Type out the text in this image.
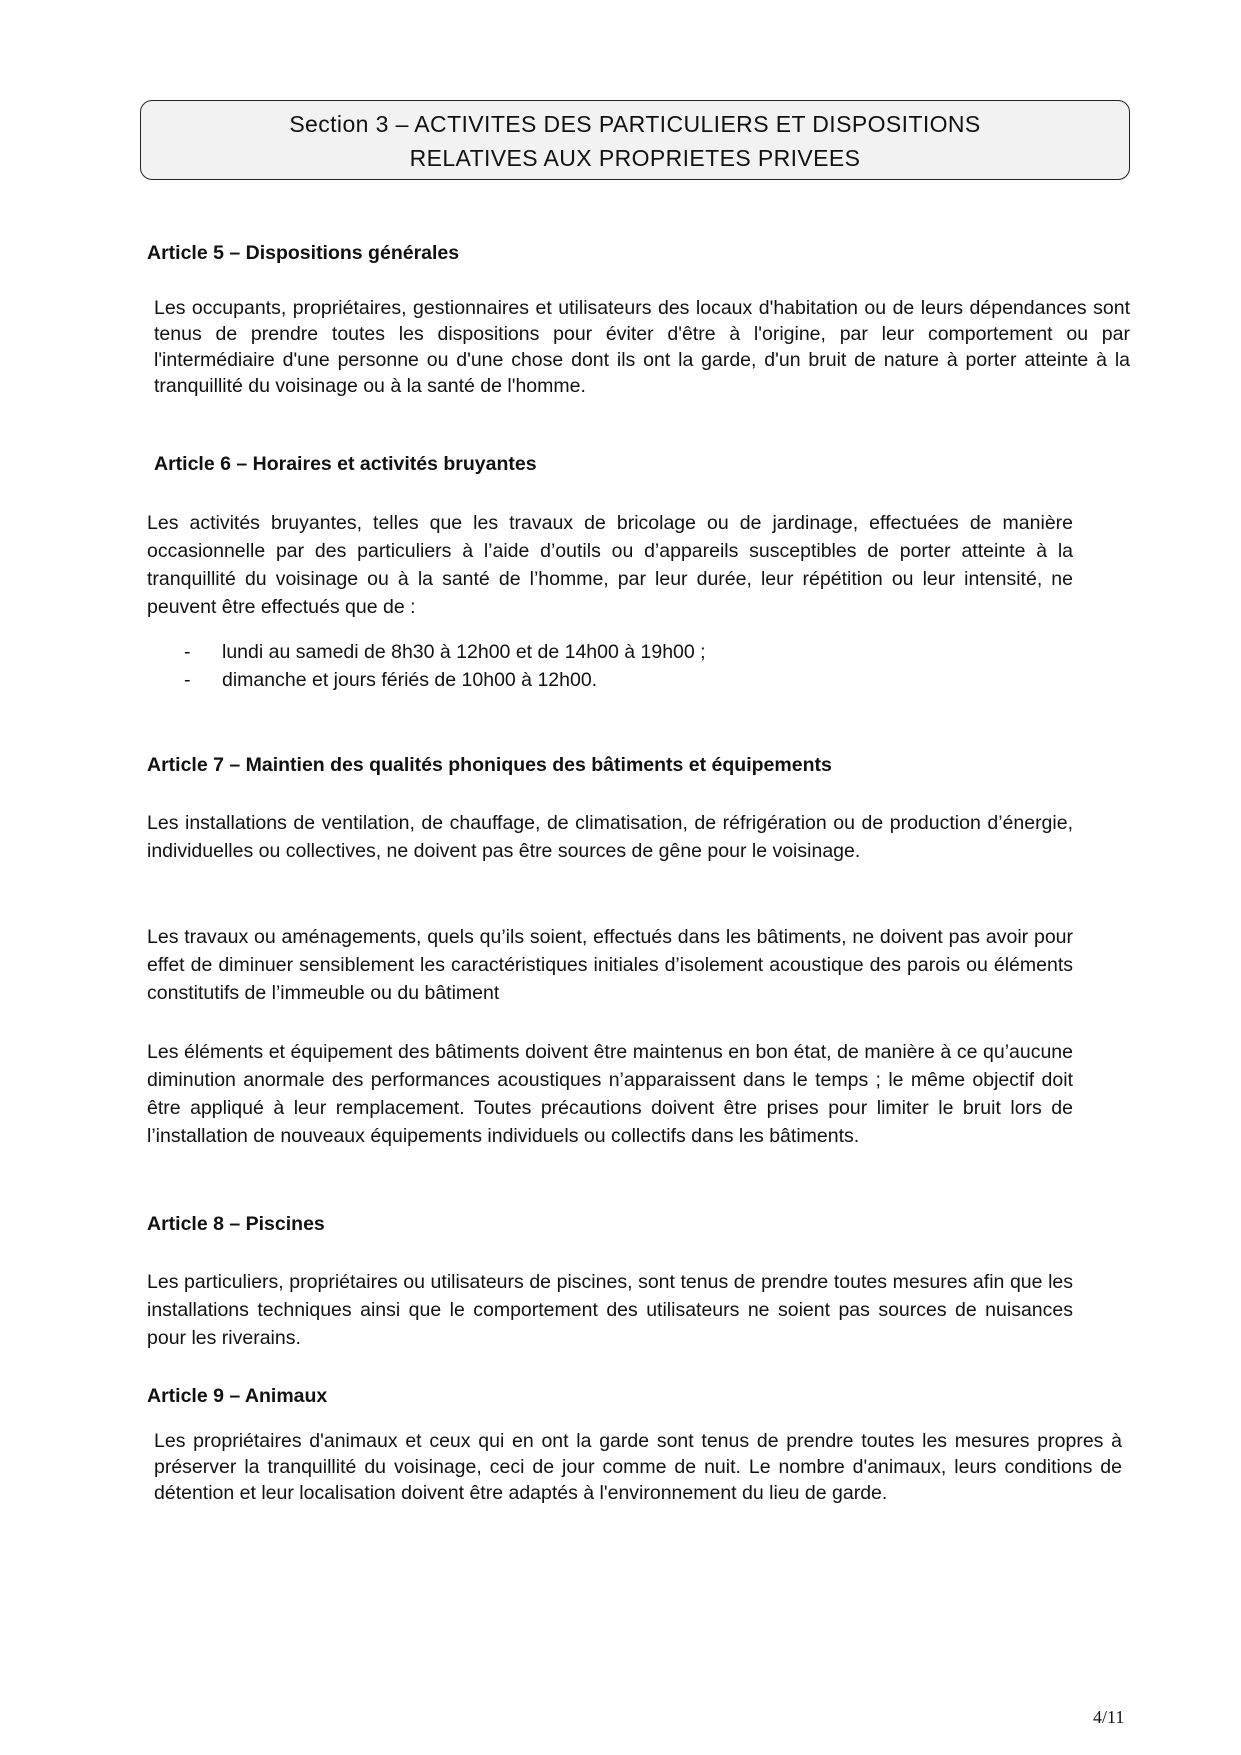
Section 3 – ACTIVITES DES PARTICULIERS ET DISPOSITIONS
RELATIVES AUX PROPRIETES PRIVEES
Article 5 – Dispositions générales
Les occupants, propriétaires, gestionnaires et utilisateurs des locaux d'habitation ou de leurs dépendances sont tenus de prendre toutes les dispositions pour éviter d'être à l'origine, par leur comportement ou par l'intermédiaire d'une personne ou d'une chose dont ils ont la garde, d'un bruit de nature à porter atteinte à la tranquillité du voisinage ou à la santé de l'homme.
Article 6 – Horaires et activités bruyantes
Les activités bruyantes, telles que les travaux de bricolage ou de jardinage, effectuées de manière occasionnelle par des particuliers à l’aide d’outils ou d’appareils susceptibles de porter atteinte à la tranquillité du voisinage ou à la santé de l’homme, par leur durée, leur répétition ou leur intensité, ne peuvent être effectués que de :
- lundi au samedi de 8h30 à 12h00 et de 14h00 à 19h00 ;
- dimanche et jours fériés de 10h00 à 12h00.
Article 7 – Maintien des qualités phoniques des bâtiments et équipements
Les installations de ventilation, de chauffage, de climatisation, de réfrigération ou de production d’énergie, individuelles ou collectives, ne doivent pas être sources de gêne pour le voisinage.
Les travaux ou aménagements, quels qu’ils soient, effectués dans les bâtiments, ne doivent pas avoir pour effet de diminuer sensiblement les caractéristiques initiales d’isolement acoustique des parois ou éléments constitutifs de l’immeuble ou du bâtiment
Les éléments et équipement des bâtiments doivent être maintenus en bon état, de manière à ce qu’aucune diminution anormale des performances acoustiques n’apparaissent dans le temps ; le même objectif doit être appliqué à leur remplacement. Toutes précautions doivent être prises pour limiter le bruit lors de l’installation de nouveaux équipements individuels ou collectifs dans les bâtiments.
Article 8 – Piscines
Les particuliers, propriétaires ou utilisateurs de piscines, sont tenus de prendre toutes mesures afin que les installations techniques ainsi que le comportement des utilisateurs ne soient pas sources de nuisances pour les riverains.
Article 9 – Animaux
Les propriétaires d'animaux et ceux qui en ont la garde sont tenus de prendre toutes les mesures propres à préserver la tranquillité du voisinage, ceci de jour comme de nuit. Le nombre d'animaux, leurs conditions de détention et leur localisation doivent être adaptés à l'environnement du lieu de garde.
4/11
